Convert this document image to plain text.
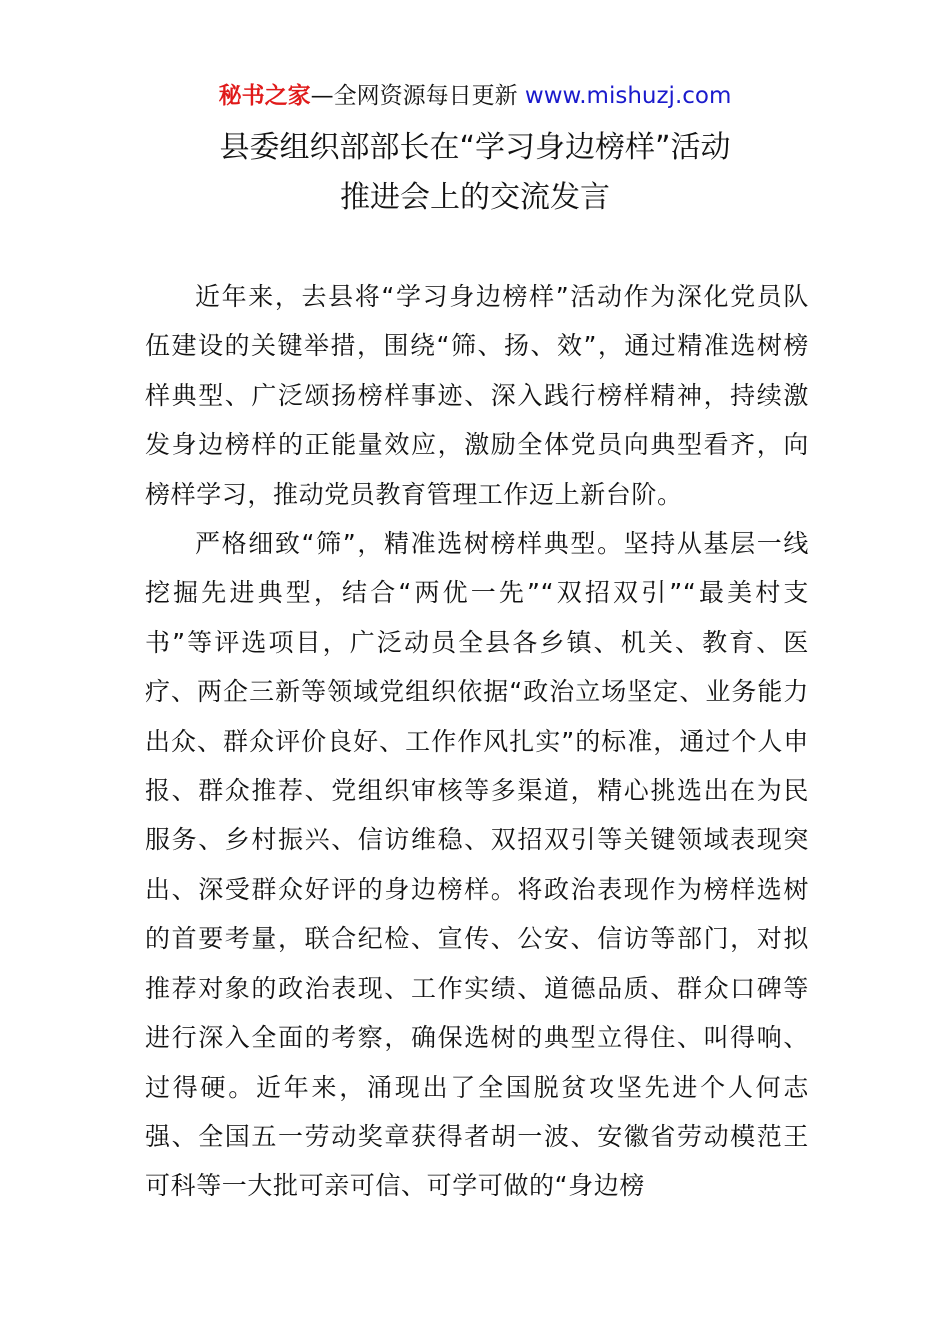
秘书之家—全网资源每日更新 www.mishuzj.com
县委组织部部长在“学习身边榜样”活动
推进会上的交流发言

近年来，去县将“学习身边榜样”活动作为深化党员队伍建设的关键举措，围绕“筛、扬、效”，通过精准选树榜样典型、广泛颂扬榜样事迹、深入践行榜样精神，持续激发身边榜样的正能量效应，激励全体党员向典型看齐，向榜样学习，推动党员教育管理工作迈上新台阶。

严格细致“筛”，精准选树榜样典型。坚持从基层一线挖掘先进典型，结合“两优一先”“双招双引”“最美村支书”等评选项目，广泛动员全县各乡镇、机关、教育、医疗、两企三新等领域党组织依据“政治立场坚定、业务能力出众、群众评价良好、工作作风扎实”的标准，通过个人申报、群众推荐、党组织审核等多渠道，精心挑选出在为民服务、乡村振兴、信访维稳、双招双引等关键领域表现突出、深受群众好评的身边榜样。将政治表现作为榜样选树的首要考量，联合纪检、宣传、公安、信访等部门，对拟推荐对象的政治表现、工作实绩、道德品质、群众口碑等进行深入全面的考察，确保选树的典型立得住、叫得响、过得硬。近年来，涌现出了全国脱贫攻坚先进个人何志强、全国五一劳动奖章获得者胡一波、安徽省劳动模范王可科等一大批可亲可信、可学可做的“身边榜
